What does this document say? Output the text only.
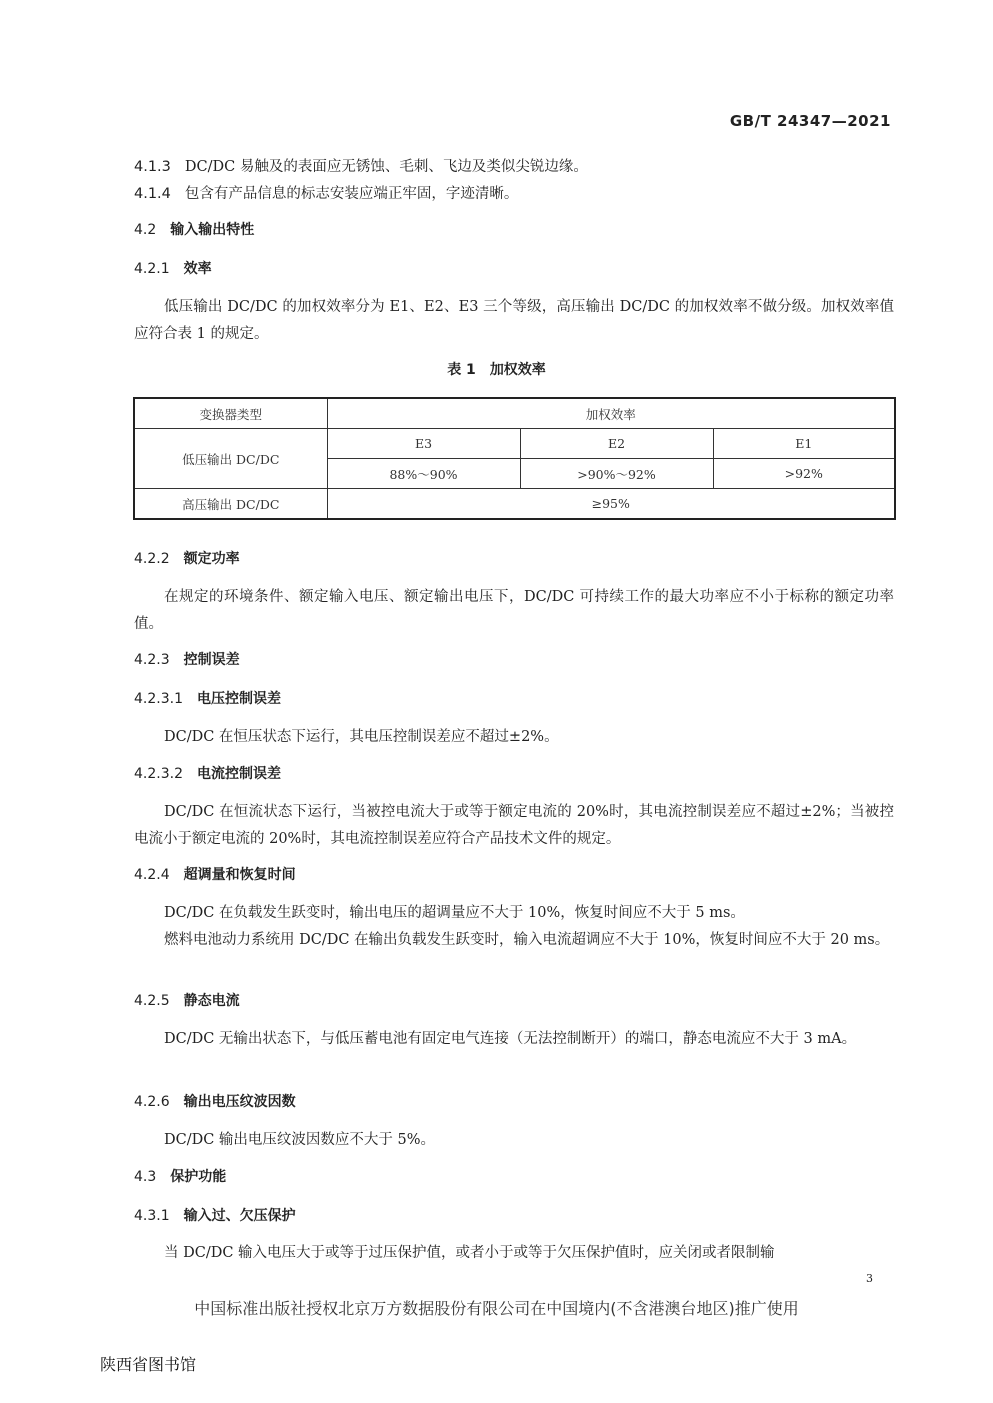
GB/T 24347—2021
4.1.3 DC/DC 易触及的表面应无锈蚀、毛刺、飞边及类似尖锐边缘。
4.1.4 包含有产品信息的标志安装应端正牢固，字迹清晰。
4.2 输入输出特性
4.2.1 效率
低压输出 DC/DC 的加权效率分为 E1、E2、E3 三个等级，高压输出 DC/DC 的加权效率不做分级。加权效率值应符合表 1 的规定。
表 1 加权效率
变换器类型	加权效率		
低压输出 DC/DC	E3	E2	E1
	88%～90%	>90%～92%	>92%
高压输出 DC/DC	≥95%		
4.2.2 额定功率
在规定的环境条件、额定输入电压、额定输出电压下，DC/DC 可持续工作的最大功率应不小于标称的额定功率值。
4.2.3 控制误差
4.2.3.1 电压控制误差
DC/DC 在恒压状态下运行，其电压控制误差应不超过±2%。
4.2.3.2 电流控制误差
DC/DC 在恒流状态下运行，当被控电流大于或等于额定电流的 20%时，其电流控制误差应不超过±2%；当被控电流小于额定电流的 20%时，其电流控制误差应符合产品技术文件的规定。
4.2.4 超调量和恢复时间
DC/DC 在负载发生跃变时，输出电压的超调量应不大于 10%，恢复时间应不大于 5 ms。
燃料电池动力系统用 DC/DC 在输出负载发生跃变时，输入电流超调应不大于 10%，恢复时间应不大于 20 ms。
4.2.5 静态电流
DC/DC 无输出状态下，与低压蓄电池有固定电气连接（无法控制断开）的端口，静态电流应不大于 3 mA。
4.2.6 输出电压纹波因数
DC/DC 输出电压纹波因数应不大于 5%。
4.3 保护功能
4.3.1 输入过、欠压保护
当 DC/DC 输入电压大于或等于过压保护值，或者小于或等于欠压保护值时，应关闭或者限制输
3
中国标准出版社授权北京万方数据股份有限公司在中国境内(不含港澳台地区)推广使用
陕西省图书馆
